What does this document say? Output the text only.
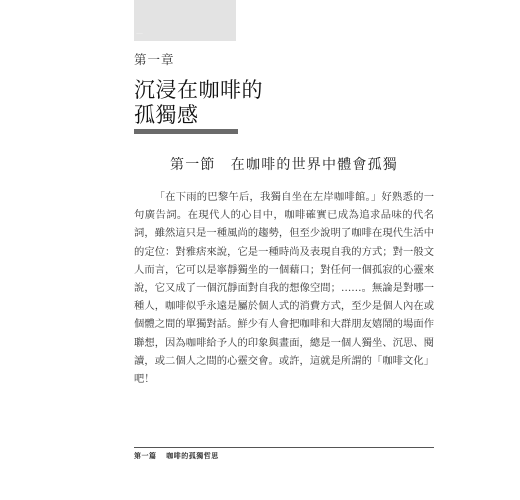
—
第一章
沉浸在咖啡的
孤獨感
第一節　在咖啡的世界中體會孤獨

「在下雨的巴黎午后，我獨自坐在左岸咖啡館。」好熟悉的一句廣告詞。在現代人的心目中，咖啡確實已成為追求品味的代名詞，雖然這只是一種風尚的趨勢，但至少說明了咖啡在現代生活中的定位：對雅痞來說，它是一種時尚及表現自我的方式；對一般文人而言，它可以是寧靜獨坐的一個藉口；對任何一個孤寂的心靈來說，它又成了一個沉靜面對自我的想像空間；……。無論是對哪一種人，咖啡似乎永遠是屬於個人式的消費方式，至少是個人內在或個體之間的單獨對話。鮮少有人會把咖啡和大群朋友嬉鬧的場面作聯想，因為咖啡給予人的印象與畫面，總是一個人獨坐、沉思、閱讀，或二個人之間的心靈交會。或許，這就是所謂的「咖啡文化」吧！

第一篇 咖啡的孤獨哲思
